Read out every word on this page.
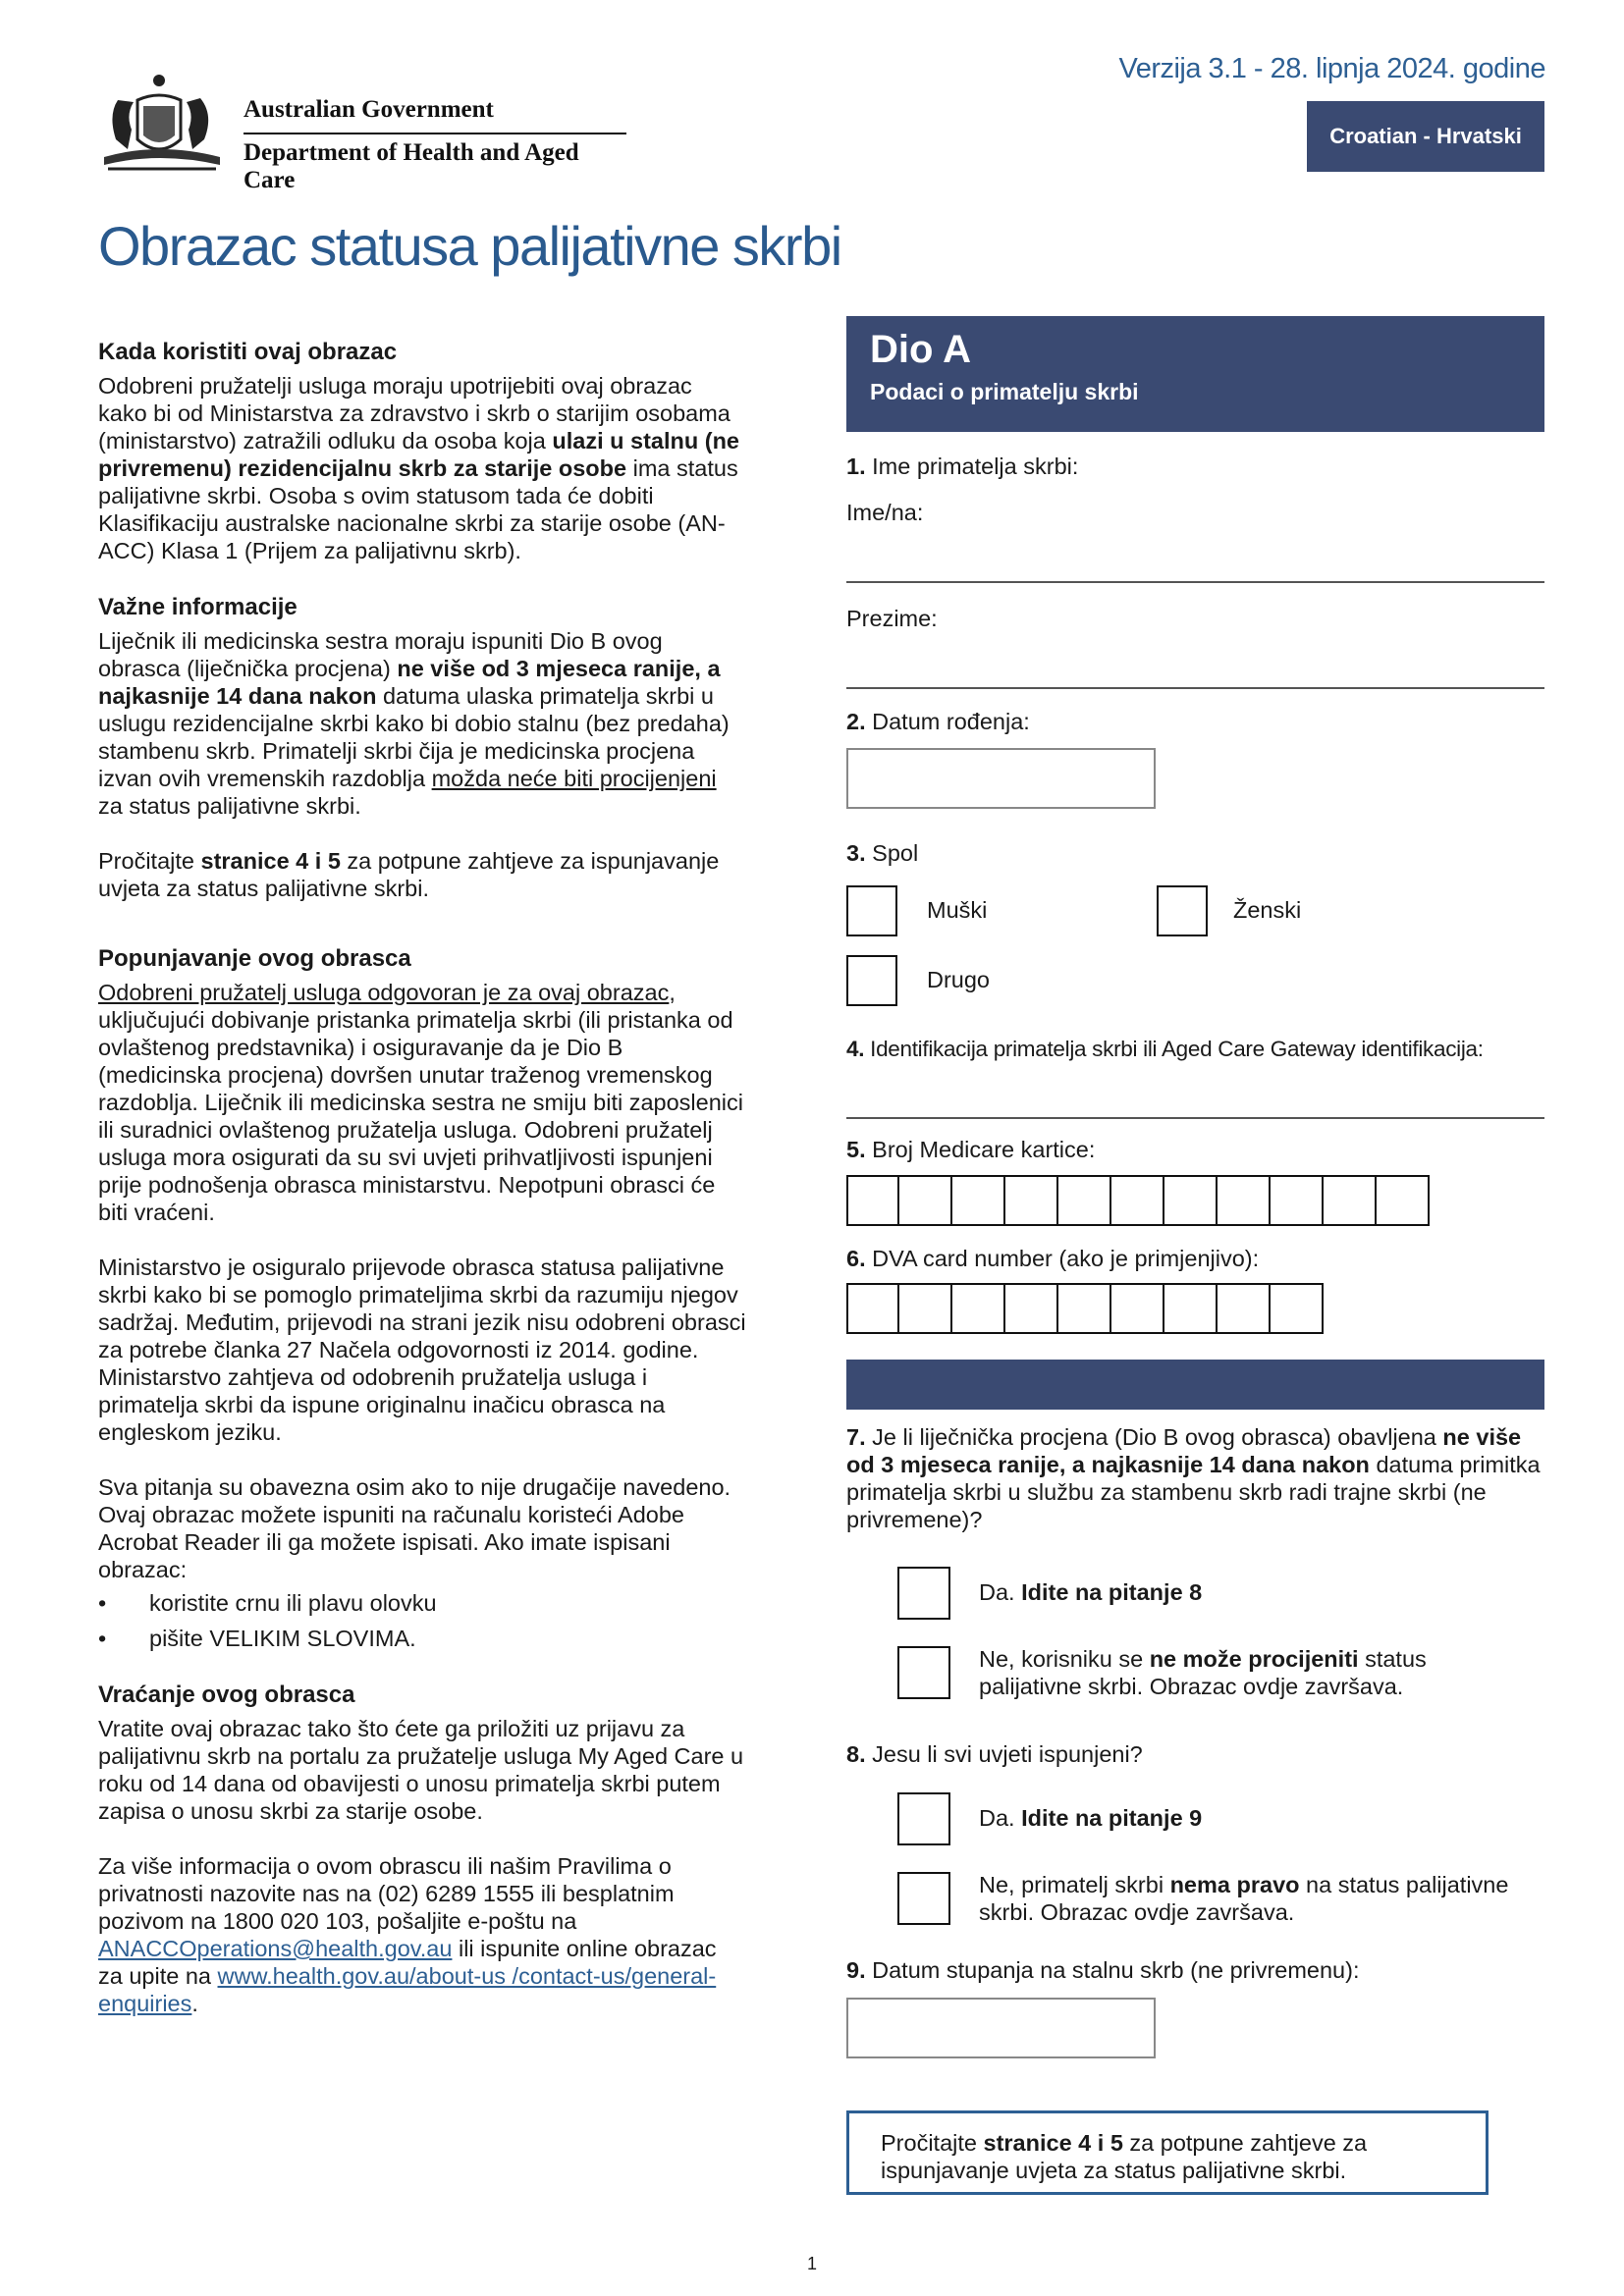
Australian Government
Department of Health and Aged Care
Verzija 3.1 - 28. lipnja 2024. godine
Croatian - Hrvatski
Obrazac statusa palijativne skrbi
Kada koristiti ovaj obrazac

Odobreni pružatelji usluga moraju upotrijebiti ovaj obrazac kako bi od Ministarstva za zdravstvo i skrb o starijim osobama (ministarstvo) zatražili odluku da osoba koja ulazi u stalnu (ne privremenu) rezidencijalnu skrb za starije osobe ima status palijativne skrbi. Osoba s ovim statusom tada će dobiti Klasifikaciju australske nacionalne skrbi za starije osobe (AN-ACC) Klasa 1 (Prijem za palijativnu skrb).

Važne informacije

Liječnik ili medicinska sestra moraju ispuniti Dio B ovog obrasca (liječnička procjena) ne više od 3 mjeseca ranije, a najkasnije 14 dana nakon datuma ulaska primatelja skrbi u uslugu rezidencijalne skrbi kako bi dobio stalnu (bez predaha) stambenu skrb. Primatelji skrbi čija je medicinska procjena izvan ovih vremenskih razdoblja možda neće biti procijenjeni za status palijativne skrbi.

Pročitajte stranice 4 i 5 za potpune zahtjeve za ispunjavanje uvjeta za status palijativne skrbi.

Popunjavanje ovog obrasca

Odobreni pružatelj usluga odgovoran je za ovaj obrazac, uključujući dobivanje pristanka primatelja skrbi (ili pristanka od ovlaštenog predstavnika) i osiguravanje da je Dio B (medicinska procjena) dovršen unutar traženog vremenskog razdoblja. Liječnik ili medicinska sestra ne smiju biti zaposlenici ili suradnici ovlaštenog pružatelja usluga. Odobreni pružatelj usluga mora osigurati da su svi uvjeti prihvatljivosti ispunjeni prije podnošenja obrasca ministarstvu. Nepotpuni obrasci će biti vraćeni.

Ministarstvo je osiguralo prijevode obrasca statusa palijativne skrbi kako bi se pomoglo primateljima skrbi da razumiju njegov sadržaj. Međutim, prijevodi na strani jezik nisu odobreni obrasci za potrebe članka 27 Načela odgovornosti iz 2014. godine. Ministarstvo zahtjeva od odobrenih pružatelja usluga i primatelja skrbi da ispune originalnu inačicu obrasca na engleskom jeziku.

Sva pitanja su obavezna osim ako to nije drugačije navedeno. Ovaj obrazac možete ispuniti na računalu koristeći Adobe Acrobat Reader ili ga možete ispisati. Ako imate ispisani obrazac:

• koristite crnu ili plavu olovku
• pišite VELIKIM SLOVIMA.
Vraćanje ovog obrasca

Vratite ovaj obrazac tako što ćete ga priložiti uz prijavu za palijativnu skrb na portalu za pružatelje usluga My Aged Care u roku od 14 dana od obavijesti o unosu primatelja skrbi putem zapisa o unosu skrbi za starije osobe.

Za više informacija o ovom obrascu ili našim Pravilima o privatnosti nazovite nas na (02) 6289 1555 ili besplatnim pozivom na 1800 020 103, pošaljite e-poštu na ANACCOperations@health.gov.au ili ispunite online obrazac za upite na www.health.gov.au/about-us /contact-us/general- enquiries.

Dio A
Podaci o primatelju skrbi
1. Ime primatelja skrbi:
Ime/na:
Prezime:
2. Datum rođenja:
3. Spol
Muški	Ženski
Drugo
4. Identifikacija primatelja skrbi ili Aged Care Gateway identifikacija:
5. Broj Medicare kartice:
6. DVA card number (ako je primjenjivo):
7. Je li liječnička procjena (Dio B ovog obrasca) obavljena ne više od 3 mjeseca ranije, a najkasnije 14 dana nakon datuma primitka primatelja skrbi u službu za stambenu skrb radi trajne skrbi (ne privremene)?
Da. Idite na pitanje 8
Ne, korisniku se ne može procijeniti status palijativne skrbi. Obrazac ovdje završava.
8. Jesu li svi uvjeti ispunjeni?
Da. Idite na pitanje 9
Ne, primatelj skrbi nema pravo na status palijativne skrbi. Obrazac ovdje završava.
9. Datum stupanja na stalnu skrb (ne privremenu):
Pročitajte stranice 4 i 5 za potpune zahtjeve za ispunjavanje uvjeta za status palijativne skrbi.
1
